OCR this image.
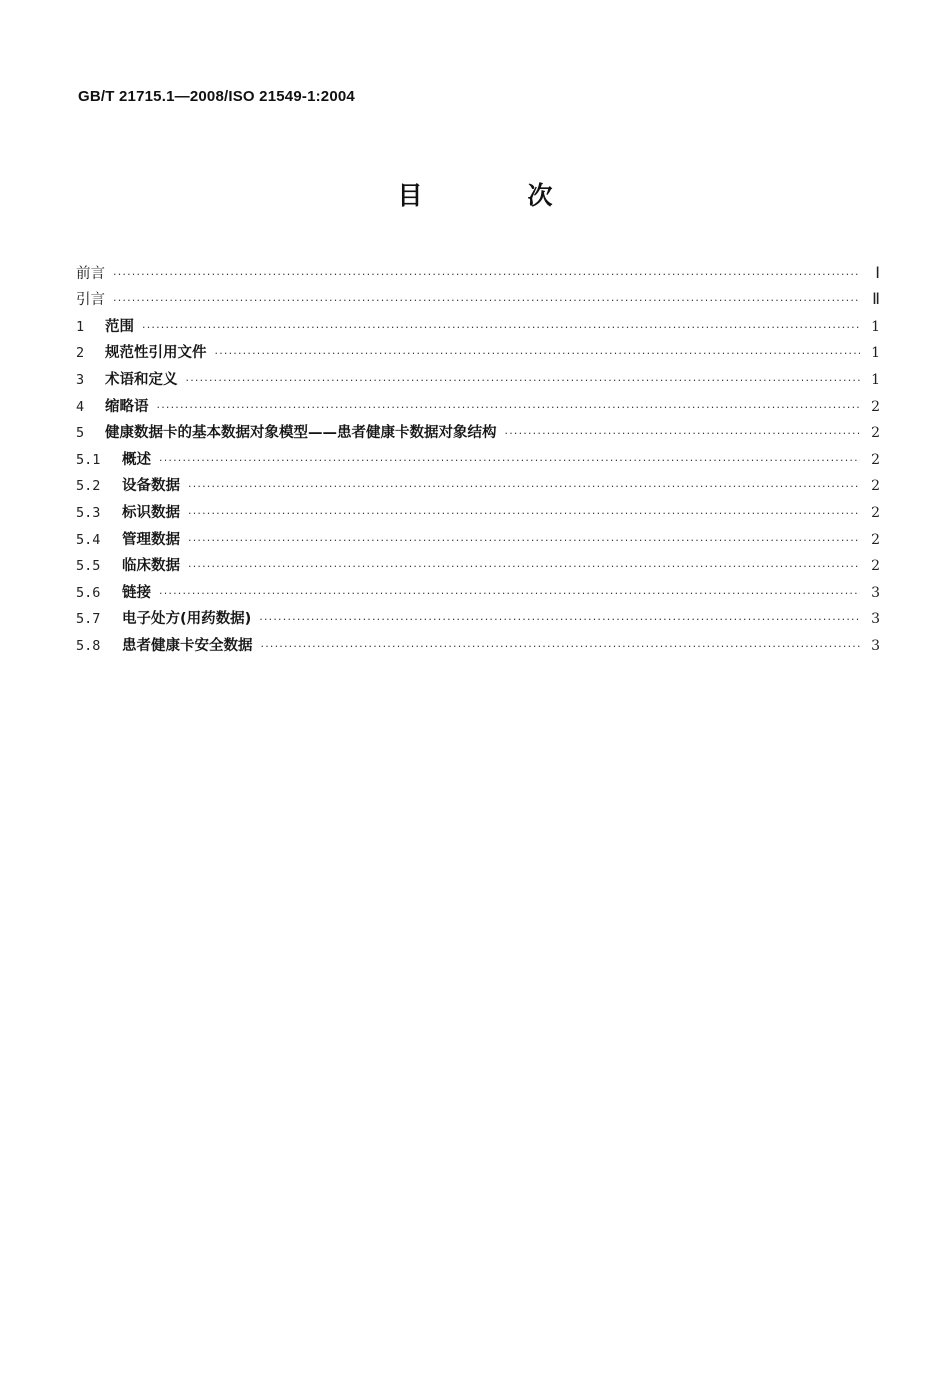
GB/T 21715.1—2008/ISO 21549-1:2004
目　次
前言 ·····	Ⅰ
引言 ·····	Ⅱ
1	范围 ·····	1
2	规范性引用文件 ·····	1
3	术语和定义 ·····	1
4	缩略语 ·····	2
5	健康数据卡的基本数据对象模型——患者健康卡数据对象结构 ·····	2
5.1	概述 ·····	2
5.2	设备数据 ·····	2
5.3	标识数据 ·····	2
5.4	管理数据 ·····	2
5.5	临床数据 ·····	2
5.6	链接 ·····	3
5.7	电子处方(用药数据) ·····	3
5.8	患者健康卡安全数据 ·····	3
